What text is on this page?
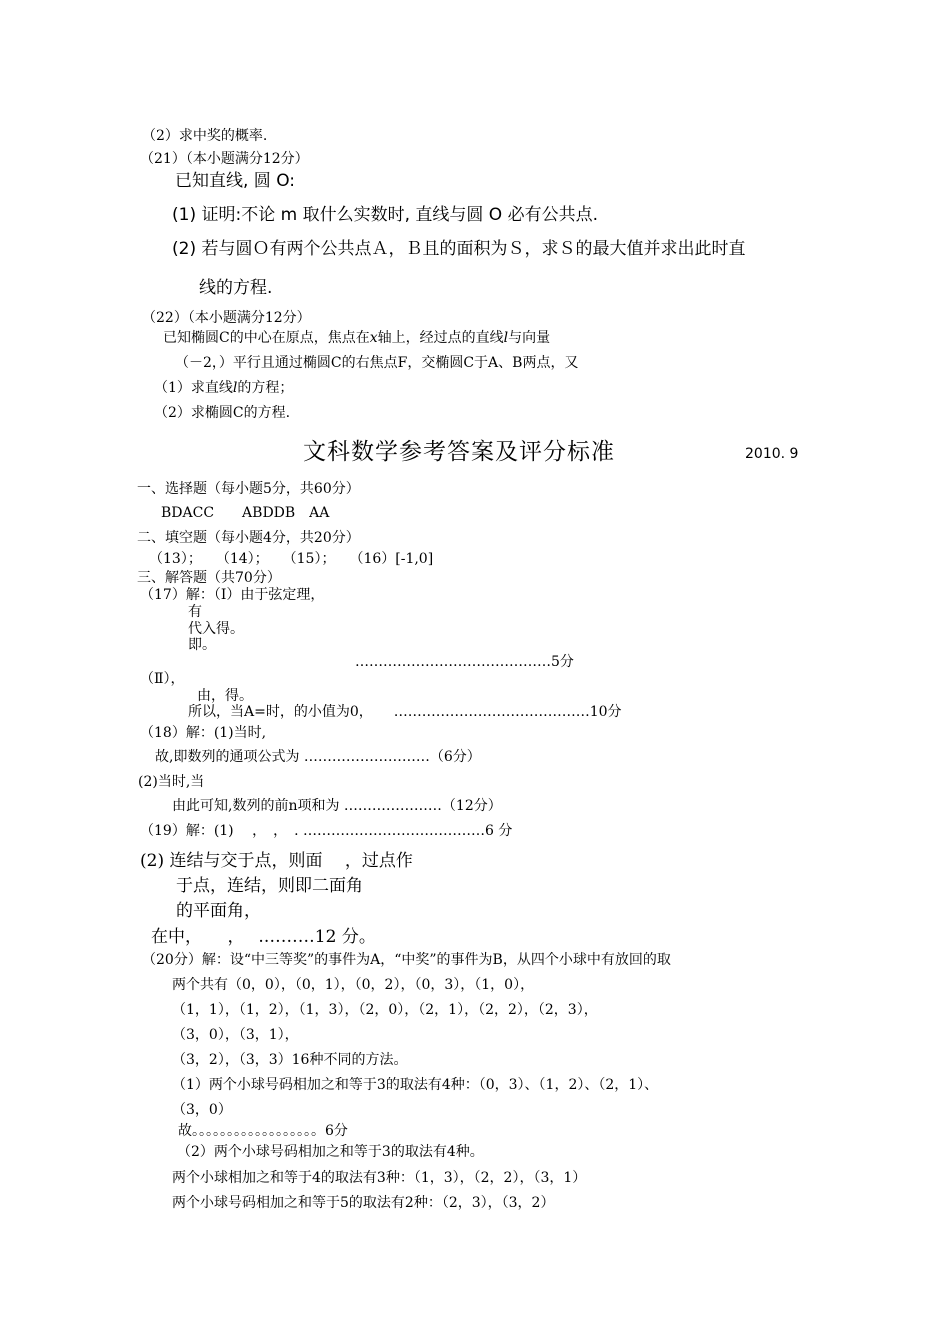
（2）求中奖的概率.
（21）（本小题满分12分）
已知直线, 圆 O:
(1) 证明:不论 m 取什么实数时, 直线与圆 O 必有公共点.
(2) 若与圆Ｏ有两个公共点Ａ，Ｂ且的面积为Ｓ，求Ｓ的最大值并求出此时直
线的方程.
（22）（本小题满分12分）
已知椭圆C的中心在原点，焦点在x轴上，经过点的直线l与向量
（－2，）平行且通过椭圆C的右焦点F，交椭圆C于A、B两点，又
（1）求直线l的方程；
（2）求椭圆C的方程.
文科数学参考答案及评分标准	2010. 9
一、选择题（每小题5分，共60分）
BDACC　　ABDDB　AA
二、填空题（每小题4分，共20分）
（13）；　　（14）；　　（15）；　　（16）[-1,0]
三、解答题（共70分）
（17）解：（I）由于弦定理，
有
代入得。
即。
……………………………………5分
（Ⅱ），
由，得。
所以，当A=时，的小值为0，　　……………………………………10分
（18）解：(1)当时,
故,即数列的通项公式为 ………………………（6分）
(2)当时,当
由此可知,数列的前n项和为 …………………（12分）
（19）解：(1)　 ，　，　. …………………………………6 分
(2) 连结与交于点，则面　 ，过点作
于点，连结，则即二面角
的平面角，
在中，　　，　 .………12 分。
（20分）解：设“中三等奖”的事件为A，“中奖”的事件为B，从四个小球中有放回的取
两个共有（0，0），（0，1），（0，2），（0，3），（1，0），
（1，1），（1，2），（1，3），（2，0），（2，1），（2，2），（2，3），
（3，0），（3，1），
（3，2），（3，3）16种不同的方法。
（1）两个小球号码相加之和等于3的取法有4种：（0，3）、（1，2）、（2，1）、
（3，0）
故。。。。。。。。。。。。。。。。。。6分
（2）两个小球号码相加之和等于3的取法有4种。
两个小球相加之和等于4的取法有3种：（1，3），（2，2），（3，1）
两个小球号码相加之和等于5的取法有2种：（2，3），（3，2）
